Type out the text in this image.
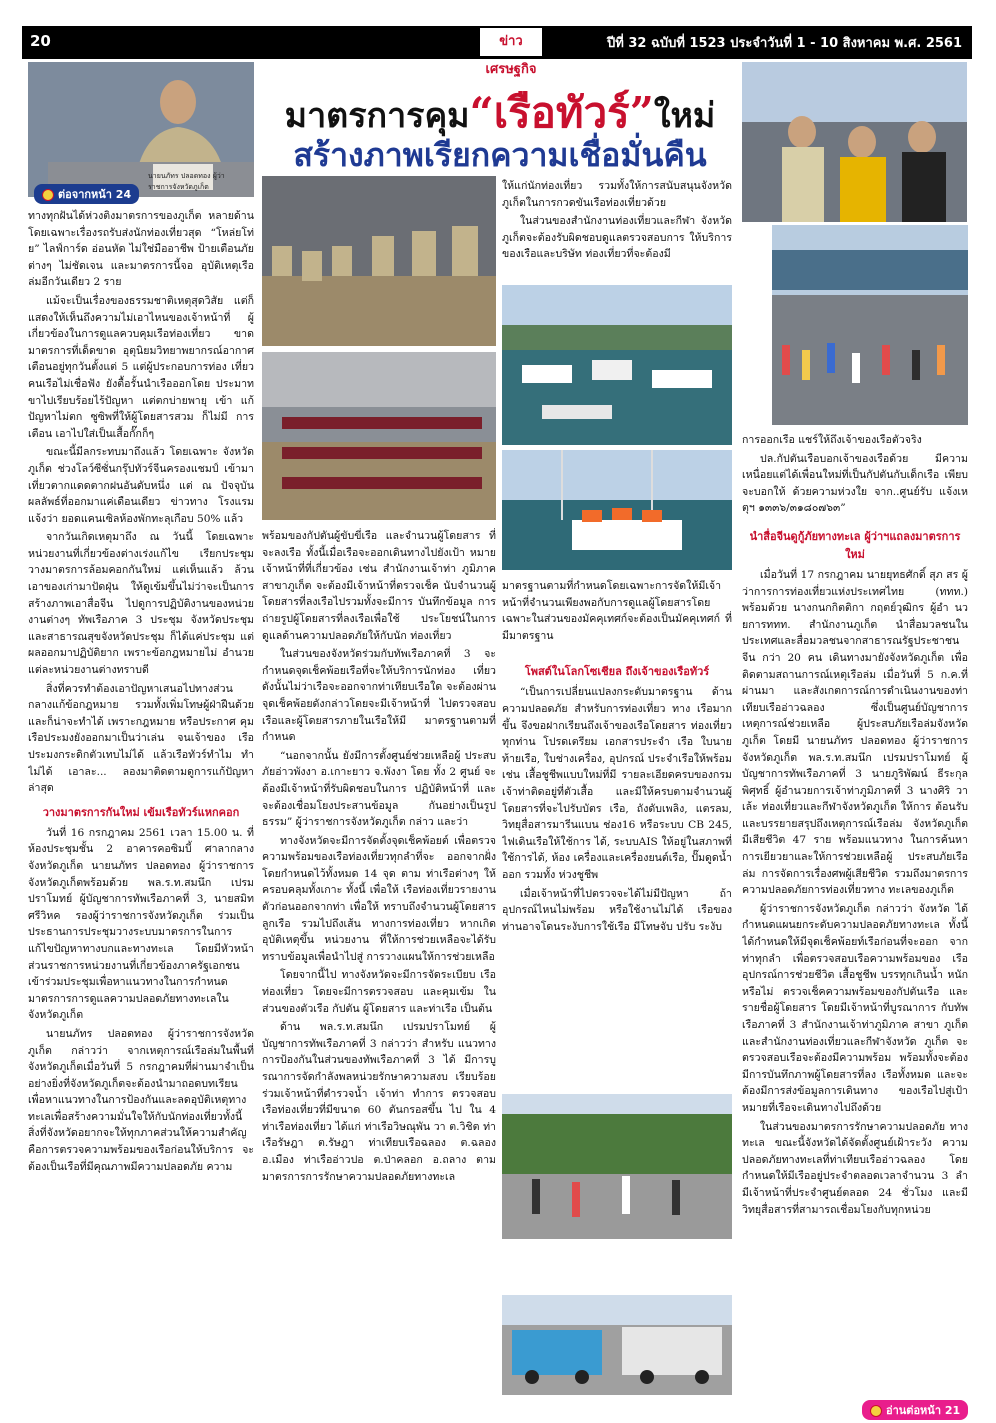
20	ข่าวเศรษฐกิจ
ปีที่ 32 ฉบับที่ 1523 ประจำวันที่ 1 - 10 สิงหาคม พ.ศ. 2561
นายนภัทร ปลอดทอง ผู้ว่าราชการจังหวัดภูเก็ต
ต่อจากหน้า 24
มาตรการคุม“เรือทัวร์”ใหม่
สร้างภาพเรียกความเชื่อมั่นคืน

ทางทุกฝันได้ห่วงติงมาตรการของภูเก็ต หลายด้าน โดยเฉพาะเรื่องรถรับส่งนักท่องเที่ยวสุด “โหล่ยโท่ย” ไลฟ์การ์ด อ่อนหัด ไม่ใช่มืออาชีพ ป้ายเตือนภัยต่างๆ ไม่ชัดเจน และมาตรการนี้จอ อุบัติเหตุเรือล่มอีกวันเดียว 2 ราย

แม้จะเป็นเรื่องของธรรมชาติเหตุสุดวิสัย แต่ก็แสดงให้เห็นถึงความไม่เอาไหนของเจ้าหน้าที่ ผู้เกี่ยวข้องในการดูแลควบคุมเรือท่องเที่ยว ขาด มาตรการที่เด็ดขาด อุตุนิยมวิทยาพยากรณ์อากาศ เตือนอยู่ทุกวันตั้งแต่ 5 แต่ผู้ประกอบการท่อง เที่ยว คนเรือไม่เชื่อฟัง ยังตื้อรั้นนำเรือออกโดย ประมาท ขาไปเรียบร้อยไร้ปัญหา แต่ตกบ่ายพายุ เข้า แก้ปัญหาไม่ตก ซูซิพที่ให้ผู้โดยสารสวม ก็ไม่มี การเตือน เอาไปใส่เป็นเสื้อกั๊กก็ๆ

ขณะนี้มีลกระทบมาถึงแล้ว โดยเฉพาะ จังหวัดภูเก็ต ช่วงโลว์ซีซั่นกรุ๊ปทัวร์จีนครองแชมป์ เข้ามาเที่ยวตากแดดตากฝนอันดับหนึ่ง แต่ ณ ปัจจุบันผลลัพธ์ที่ออกมาแค่เดือนเดียว ข่าวทาง โรงแรมแจ้งว่า ยอดแคนเซิลห้องพักทะลุเกือบ 50% แล้ว

จากวันเกิดเหตุมาถึง ณ วันนี้ โดยเฉพาะ หน่วยงานที่เกี่ยวข้องต่างเร่งแก้ไข เรียกประชุม วางมาตรการล้อมคอกกันใหม่ แต่เห็นแล้ว ล้วน เอาของเก่ามาปัดฝุ่น ให้ดูเข้มขึ้นไม่ว่าจะเป็นการ สร้างภาพเอาสื่อจีน ไปดูการปฏิบัติงานของหน่วย งานต่างๆ ทัพเรือภาค 3 ประชุม จังหวัดประชุม และสาธารณสุขจังหวัดประชุม ก็ได้แค่ประชุม แต่ผลออกมาปฏิบัติยาก เพราะข้อกฎหมายไม่ อำนวย แต่ละหน่วยงานต่างทราบดี

สิ่งที่ควรทำต้องเอาปัญหาเสนอไปทางส่วน กลางแก้ข้อกฎหมาย รวมทั้งเพิ่มโทษผู้ฝ่าฝืนด้วย และก็น่าจะทำได้ เพราะกฎหมาย หรือประกาศ คุมเรือประมงยังออกมาเป็นว่าเล่น จนเจ้าของ เรือประมงกระดิกตัวเทบไม่ได้ แล้วเรือทัวร์ทำไม ทำไม่ได้ เอาละ... ลองมาติดตามดูการแก้ปัญหา ล่าสุด

วางมาตรการกันใหม่ เข้มเรือทัวร์แหกคอก

วันที่ 16 กรกฎาคม 2561 เวลา 15.00 น. ที่ห้องประชุมชั้น 2 อาคารคอซิมบี้ ศาลากลาง จังหวัดภูเก็ต นายนภัทร ปลอดทอง ผู้ว่าราชการ จังหวัดภูเก็ตพร้อมด้วย พล.ร.ท.สมนึก เปรม ปราโมทย์ ผู้บัญชาการทัพเรือภาคที่ 3, นายสมิท ศรีวิหค รองผู้ว่าราชการจังหวัดภูเก็ต ร่วมเป็น ประธานการประชุมวางระบบมาตรการในการ แก้ไขปัญหาทางบกและทางทะเล โดยมีหัวหน้า ส่วนราชการหน่วยงานที่เกี่ยวข้องภาครัฐเอกชน เข้าร่วมประชุมเพื่อหาแนวทางในการกำหนด มาตรการการดูแลความปลอดภัยทางทะเลใน จังหวัดภูเก็ต

นายนภัทร ปลอดทอง ผู้ว่าราชการจังหวัด ภูเก็ต กล่าวว่า จากเหตุการณ์เรือล่มในพื้นที่ จังหวัดภูเก็ตเมื่อวันที่ 5 กรกฎาคมที่ผ่านมาจำเป็น อย่างยิ่งที่จังหวัดภูเก็ตจะต้องนำมาถอดบทเรียน เพื่อหาแนวทางในการป้องกันและลดอุบัติเหตุทาง ทะเลเพื่อสร้างความมั่นใจให้กับนักท่องเที่ยวทั้งนี้ สิ่งที่จังหวัดอยากจะให้ทุกภาคส่วนให้ความสำคัญ คือการตรวจความพร้อมของเรือก่อนให้บริการ จะต้องเป็นเรือที่มีคุณภาพมีความปลอดภัย ความ

พร้อมของกัปตันผู้ขับขี่เรือ และจำนวนผู้โดยสาร ที่จะลงเรือ ทั้งนี้เมื่อเรือจะออกเดินทางไปยังเป้า หมายเจ้าหน้าที่ที่เกี่ยวข้อง เช่น สำนักงานเจ้าท่า ภูมิภาคสาขาภูเก็ต จะต้องมีเจ้าหน้าที่ตรวจเช็ค นับจำนวนผู้โดยสารที่ลงเรือไปรวมทั้งจะมีการ บันทึกข้อมูล การถ่ายรูปผู้โดยสารที่ลงเรือเพื่อใช้ ประโยชน์ในการดูแลด้านความปลอดภัยให้กับนัก ท่องเที่ยว

ในส่วนของจังหวัดร่วมกับทัพเรือภาคที่ 3 จะกำหนดจุดเช็คพ้อยเรือที่จะให้บริการนักท่อง เที่ยว ดังนั้นไม่ว่าเรือจะออกจากท่าเทียบเรือใด จะต้องผ่านจุดเช็คพ้อยดังกล่าวโดยจะมีเจ้าหน้าที่ ไปตรวจสอบเรือและผู้โดยสารภายในเรือให้มี มาตรฐานตามที่กำหนด

“นอกจากนั้น ยังมีการตั้งศูนย์ช่วยเหลือผู้ ประสบภัยอ่าวพังงา อ.เกาะยาว จ.พังงา โดย ทั้ง 2 ศูนย์ จะต้องมีเจ้าหน้าที่รับผิดชอบในการ ปฏิบัติหน้าที่ และจะต้องเชื่อมโยงประสานข้อมูล กันอย่างเป็นรูปธรรม” ผู้ว่าราชการจังหวัดภูเก็ต กล่าว และว่า

ทางจังหวัดจะมีการจัดตั้งจุดเช็คพ้อยต์ เพื่อตรวจความพร้อมของเรือท่องเที่ยวทุกลำที่จะ ออกจากฝั่ง โดยกำหนดไว้ทั้งหมด 14 จุด ตาม ท่าเรือต่างๆ ให้ครอบคลุมทั้งเกาะ ทั้งนี้ เพื่อให้ เรือท่องเที่ยวรายงานตัวก่อนออกจากท่า เพื่อให้ ทราบถึงจำนวนผู้โดยสาร ลูกเรือ รวมไปถึงเส้น ทางการท่องเที่ยว หากเกิดอุบัติเหตุขึ้น หน่วยงาน ที่ให้การช่วยเหลือจะได้รับทราบข้อมูลเพื่อนำไปสู่ การวางแผนให้การช่วยเหลือ

โดยจากนี้ไป ทางจังหวัดจะมีการจัดระเบียบ เรือท่องเที่ยว โดยจะมีการตรวจสอบ และคุมเข้ม ในส่วนของตัวเรือ กัปตัน ผู้โดยสาร และท่าเรือ เป็นต้น

ด้าน พล.ร.ท.สมนึก เปรมปราโมทย์ ผู้ บัญชาการทัพเรือภาคที่ 3 กล่าวว่า สำหรับ แนวทางการป้องกันในส่วนของทัพเรือภาคที่ 3 ได้ มีการบูรณาการจัดกำลังพลหน่วยรักษาความสงบ เรียบร้อย ร่วมเจ้าหน้าที่ตำรวจน้ำ เจ้าท่า ทำการ ตรวจสอบเรือท่องเที่ยวที่มีขนาด 60 ตันกรอสขึ้น ไป ใน 4 ท่าเรือท่องเที่ยว ได้แก่ ท่าเรือวิษณุพัน วา ต.วิชิต ท่าเรือรัษฎา ต.รัษฎา ท่าเทียบเรือฉลอง ต.ฉลอง อ.เมือง ท่าเรืออ่าวปอ ต.ป่าคลอก อ.ถลาง ตามมาตรการการรักษาความปลอดภัยทางทะเล

ให้แก่นักท่องเที่ยว รวมทั้งให้การสนับสนุนจังหวัด ภูเก็ตในการกวดขันเรือท่องเที่ยวด้วย

ในส่วนของสำนักงานท่องเที่ยวและกีฬา จังหวัดภูเก็ตจะต้องรับผิดชอบดูแลตรวจสอบการ ให้บริการของเรือและบริษัท ท่องเที่ยวที่จะต้องมี

มาตรฐานตามที่กำหนดโดยเฉพาะการจัดให้มีเจ้า หน้าที่จำนวนเพียงพอกับการดูแลผู้โดยสารโดย เฉพาะในส่วนของมัคคุเทศก์จะต้องเป็นมัคคุเทศก์ ที่มีมาตรฐาน

โพสต์ในโลกโซเชียล ถึงเจ้าของเรือทัวร์

“เป็นการเปลี่ยนแปลงกระดับมาตรฐาน ด้านความปลอดภัย สำหรับการท่องเที่ยว ทาง เรือมากขึ้น จึงขอฝากเรียนถึงเจ้าของเรือโดยสาร ท่องเที่ยวทุกท่าน โปรดเตรียม เอกสารประจำ เรือ ใบนายท้ายเรือ, ใบช่างเครื่อง, อุปกรณ์ ประจำเรือให้พร้อม เช่น เสื้อชูชีพแบบใหม่ที่มี รายละเอียดครบของกรมเจ้าท่าติดอยู่ที่ตัวเสื้อ และมีให้ครบตามจำนวนผู้โดยสารที่จะไปรับบัตร เรือ, ถังดับเพลิง, แตรลม, วิทยุสื่อสารมารีนแบน ช่อง16 หรือระบบ CB 245, ไฟเดินเรือให้ใช้การ ได้, ระบบAIS ให้อยู่ในสภาพที่ใช้การได้, ห้อง เครื่องและเครื่องยนต์เรือ, ปั๊มดูดน้ำออก รวมทั้ง ห่วงชูชีพ

เมื่อเจ้าหน้าที่ไปตรวจจะได้ไม่มีปัญหา ถ้า อุปกรณ์ไหนไม่พร้อม หรือใช้งานไม่ได้ เรือของ ท่านอาจโดนระงับการใช้เรือ มีโทษจับ ปรับ ระงับ

การออกเรือ แชร์ให้ถึงเจ้าของเรือตัวจริง

ปล.กัปตันเรือบอกเจ้าของเรือด้วย มีความ เหนื่อยแต่ได้เพื่อนใหม่ที่เป็นกัปตันกับเด็กเรือ เพียบ จะบอกให้ ด้วยความห่วงใย จาก..ศูนย์รับ แจ้งเหตุฯ ๑๓๓๖/๓๑๘๐๗๖๓”

นำสื่อจีนดูกู้ภัยทางทะเล ผู้ว่าฯแถลงมาตรการใหม่

เมื่อวันที่ 17 กรกฎาคม นายยุทธศักดิ์ สุภ สร ผู้ว่าการการท่องเที่ยวแห่งประเทศไทย (ททท.) พร้อมด้วย นางกนกกิตติกา กฤตย์วุฒิกร ผู้อำ นวยการททท. สำนักงานภูเก็ต นำสื่อมวลชนใน ประเทศและสื่อมวลชนจากสาธารณรัฐประชาชน จีน กว่า 20 คน เดินทางมายังจังหวัดภูเก็ต เพื่อ ติดตามสถานการณ์เหตุเรือล่ม เมื่อวันที่ 5 ก.ค.ที่ ผ่านมา และสังเกตการณ์การดำเนินงานของท่า เทียบเรืออ่าวฉลอง ซึ่งเป็นศูนย์บัญชาการ เหตุการณ์ช่วยเหลือ ผู้ประสบภัยเรือล่มจังหวัด ภูเก็ต โดยมี นายนภัทร ปลอดทอง ผู้ว่าราชการ จังหวัดภูเก็ต พล.ร.ท.สมนึก เปรมปราโมทย์ ผู้ บัญชาการทัพเรือภาคที่ 3 นายภูริพัฒน์ ธีระกุล พิศุทธิ์ ผู้อำนวยการเจ้าท่าภูมิภาคที่ 3 นางศิริ วาเล้ะ ท่องเที่ยวและกีฬาจังหวัดภูเก็ต ให้การ ต้อนรับและบรรยายสรุปถึงเหตุการณ์เรือล่ม จังหวัดภูเก็ต มีเสียชีวิต 47 ราย พร้อมแนวทาง ในการค้นหา การเยียวยาและให้การช่วยเหลือผู้ ประสบภัยเรือล่ม การจัดการเรื่องศพผู้เสียชีวิต รวมถึงมาตรการความปลอดภัยการท่องเที่ยวทาง ทะเลของภูเก็ต

ผู้ว่าราชการจังหวัดภูเก็ต กล่าวว่า จังหวัด ได้กำหนดแผนยกระดับความปลอดภัยทางทะเล ทั้งนี้ได้กำหนดให้มีจุดเช็คพ้อยท์เรือก่อนที่จะออก จากท่าทุกลำ เพื่อตรวจสอบเรือความพร้อมของ เรือ อุปกรณ์การช่วยชีวิต เสื้อชูชีพ บรรทุกเกินน้ำ หนักหรือไม่ ตรวจเช็คความพร้อมของกัปตันเรือ และรายชื่อผู้โดยสาร โดยมีเจ้าหน้าที่บูรณาการ กับทัพเรือภาคที่ 3 สำนักงานเจ้าท่าภูมิภาค สาขา ภูเก็ต และสำนักงานท่องเที่ยวและกีฬาจังหวัด ภูเก็ต จะตรวจสอบเรือจะต้องมีความพร้อม พร้อมทั้งจะต้องมีการบันทึกภาพผู้โดยสารที่ลง เรือทั้งหมด และจะต้องมีการส่งข้อมูลการเดินทาง ของเรือไปสู่เป้าหมายที่เรือจะเดินทางไปถึงด้วย

ในส่วนของมาตรการรักษาความปลอดภัย ทางทะเล ขณะนี้จังหวัดได้จัดตั้งศูนย์เฝ้าระวัง ความปลอดภัยทางทะเลที่ท่าเทียบเรืออ่าวฉลอง โดยกำหนดให้มีเรืออยู่ประจำตลอดเวลาจำนวน 3 ลำ มีเจ้าหน้าที่ประจำศูนย์ตลอด 24 ชั่วโมง และมีวิทยุสื่อสารที่สามารถเชื่อมโยงกับทุกหน่วย

อ่านต่อหน้า 21
